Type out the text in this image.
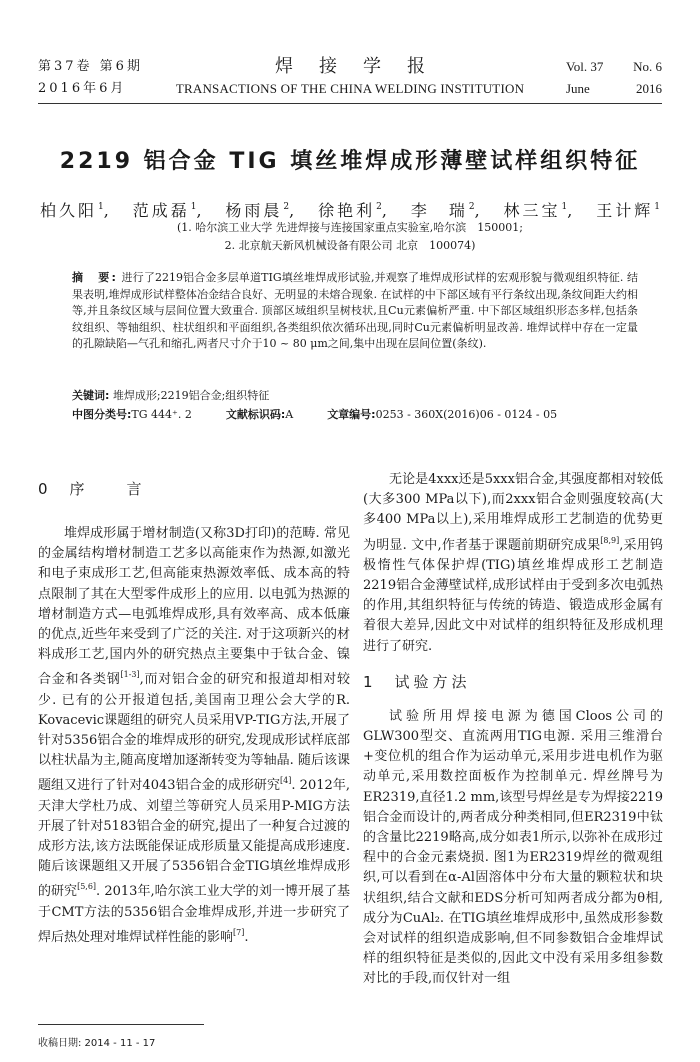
第37卷 第6期
2016年6月
焊接学报
TRANSACTIONS OF THE CHINA WELDING INSTITUTION
Vol. 37 No. 6
June	2016
2219 铝合金 TIG 填丝堆焊成形薄壁试样组织特征
柏久阳$^1$, 范成磊$^1$, 杨雨晨$^2$, 徐艳利$^2$, 李　瑞$^2$, 林三宝$^1$, 王计辉$^1$
(1. 哈尔滨工业大学 先进焊接与连接国家重点实验室,哈尔滨　150001;
2. 北京航天新风机械设备有限公司 北京　100074)
摘　要: 进行了2219铝合金多层单道TIG填丝堆焊成形试验,并观察了堆焊成形试样的宏观形貌与微观组织特征. 结果表明,堆焊成形试样整体冶金结合良好、无明显的未熔合现象. 在试样的中下部区域有平行条纹出现,条纹间距大约相等,并且条纹区域与层间位置大致重合. 顶部区域组织呈树枝状,且Cu元素偏析严重. 中下部区域组织形态多样,包括条纹组织、等轴组织、柱状组织和平面组织,各类组织依次循环出现,同时Cu元素偏析明显改善. 堆焊试样中存在一定量的孔隙缺陷—气孔和缩孔,两者尺寸介于10 ~ 80 μm之间,集中出现在层间位置(条纹).
关键词: 堆焊成形;2219铝合金;组织特征
中图分类号:TG 444⁺. 2	文献标识码:A	文章编号:0253 - 360X(2016)06 - 0124 - 05
0 序　　言

堆焊成形属于增材制造(又称3D打印)的范畴. 常见的金属结构增材制造工艺多以高能束作为热源,如激光和电子束成形工艺,但高能束热源效率低、成本高的特点限制了其在大型零件成形上的应用. 以电弧为热源的增材制造方式—电弧堆焊成形,具有效率高、成本低廉的优点,近些年来受到了广泛的关注. 对于这项新兴的材料成形工艺,国内外的研究热点主要集中于钛合金、镍合金和各类钢[1-3],而对铝合金的研究和报道却相对较少. 已有的公开报道包括,美国南卫理公会大学的R. Kovacevic课题组的研究人员采用VP-TIG方法,开展了针对5356铝合金的堆焊成形的研究,发现成形试样底部以柱状晶为主,随高度增加逐渐转变为等轴晶. 随后该课题组又进行了针对4043铝合金的成形研究[4]. 2012年,天津大学杜乃成、刘望兰等研究人员采用P-MIG方法开展了针对5183铝合金的研究,提出了一种复合过渡的成形方法,该方法既能保证成形质量又能提高成形速度. 随后该课题组又开展了5356铝合金TIG填丝堆焊成形的研究[5,6]. 2013年,哈尔滨工业大学的刘一博开展了基于CMT方法的5356铝合金堆焊成形,并进一步研究了焊后热处理对堆焊试样性能的影响[7].

无论是4xxx还是5xxx铝合金,其强度都相对较低(大多300 MPa以下),而2xxx铝合金则强度较高(大多400 MPa以上),采用堆焊成形工艺制造的优势更为明显. 文中,作者基于课题前期研究成果[8,9],采用钨极惰性气体保护焊(TIG)填丝堆焊成形工艺制造2219铝合金薄壁试样,成形试样由于受到多次电弧热的作用,其组织特征与传统的铸造、锻造成形金属有着很大差异,因此文中对试样的组织特征及形成机理进行了研究.

1 试验方法

试验所用焊接电源为德国Cloos公司的GLW300型交、直流两用TIG电源. 采用三维滑台+变位机的组合作为运动单元,采用步进电机作为驱动单元,采用数控面板作为控制单元. 焊丝牌号为ER2319,直径1.2 mm,该型号焊丝是专为焊接2219铝合金而设计的,两者成分种类相同,但ER2319中钛的含量比2219略高,成分如表1所示,以弥补在成形过程中的合金元素烧损. 图1为ER2319焊丝的微观组织,可以看到在α-Al固溶体中分布大量的颗粒状和块状组织,结合文献和EDS分析可知两者成分都为θ相,成分为CuAl₂. 在TIG填丝堆焊成形中,虽然成形参数会对试样的组织造成影响,但不同参数铝合金堆焊试样的组织特征是类似的,因此文中没有采用多组参数对比的手段,而仅针对一组

收稿日期: 2014 - 11 - 17
